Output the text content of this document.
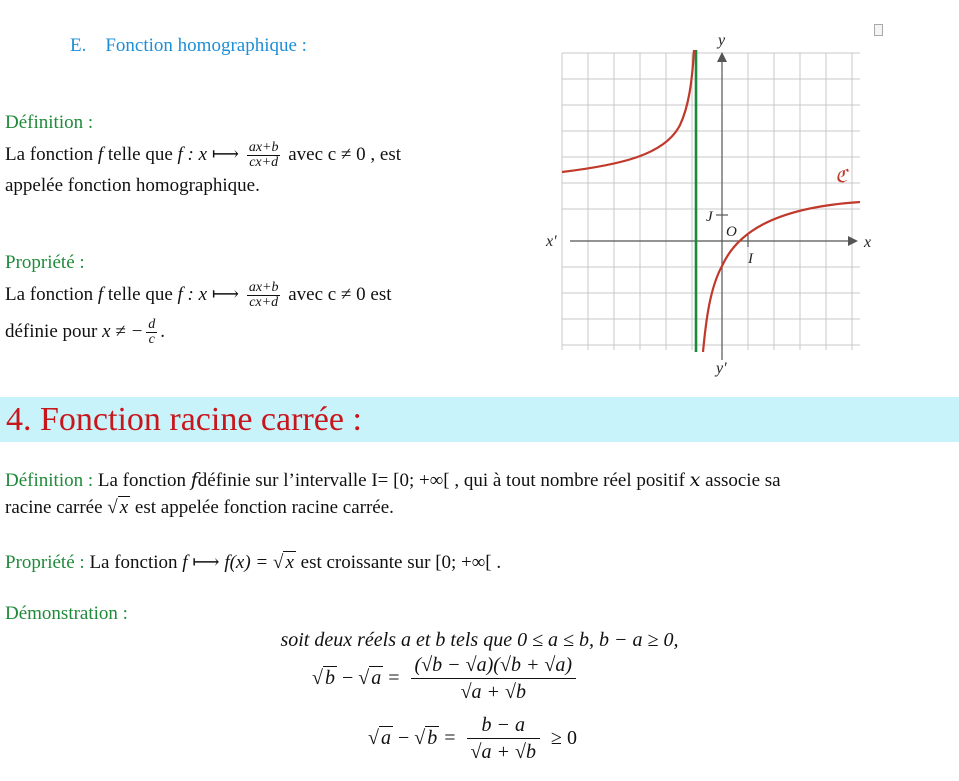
E. Fonction homographique :
Définition :
La fonction f telle que f : x ⟼ $\frac{ax+b}{cx+d}$ avec c ≠ 0 , est
appelée fonction homographique.
Propriété :
La fonction f telle que f : x ⟼ $\frac{ax+b}{cx+d}$ avec c ≠ 0 est
définie pour x ≠ − $\frac{d}{c}$ .
y
y'
x
x'
J
O
I
ℭ
4. Fonction racine carrée :
Définition : La fonction 𝑓définie sur l’intervalle I= [0; +∞[ , qui à tout nombre réel positif 𝑥 associe sa
racine carrée √ x est appelée fonction racine carrée.
Propriété : La fonction f ⟼ f(x) = √ x est croissante sur [0; +∞[ .
Démonstration :
soit deux réels a et b tels que 0 ≤ a ≤ b, b − a ≥ 0,
√ b − √ $a = \frac{(√b - √a)(√b + √a)}{√a + √b}$
√ a − √ $b = \frac{b - a}{√a + √b} \ge 0$
